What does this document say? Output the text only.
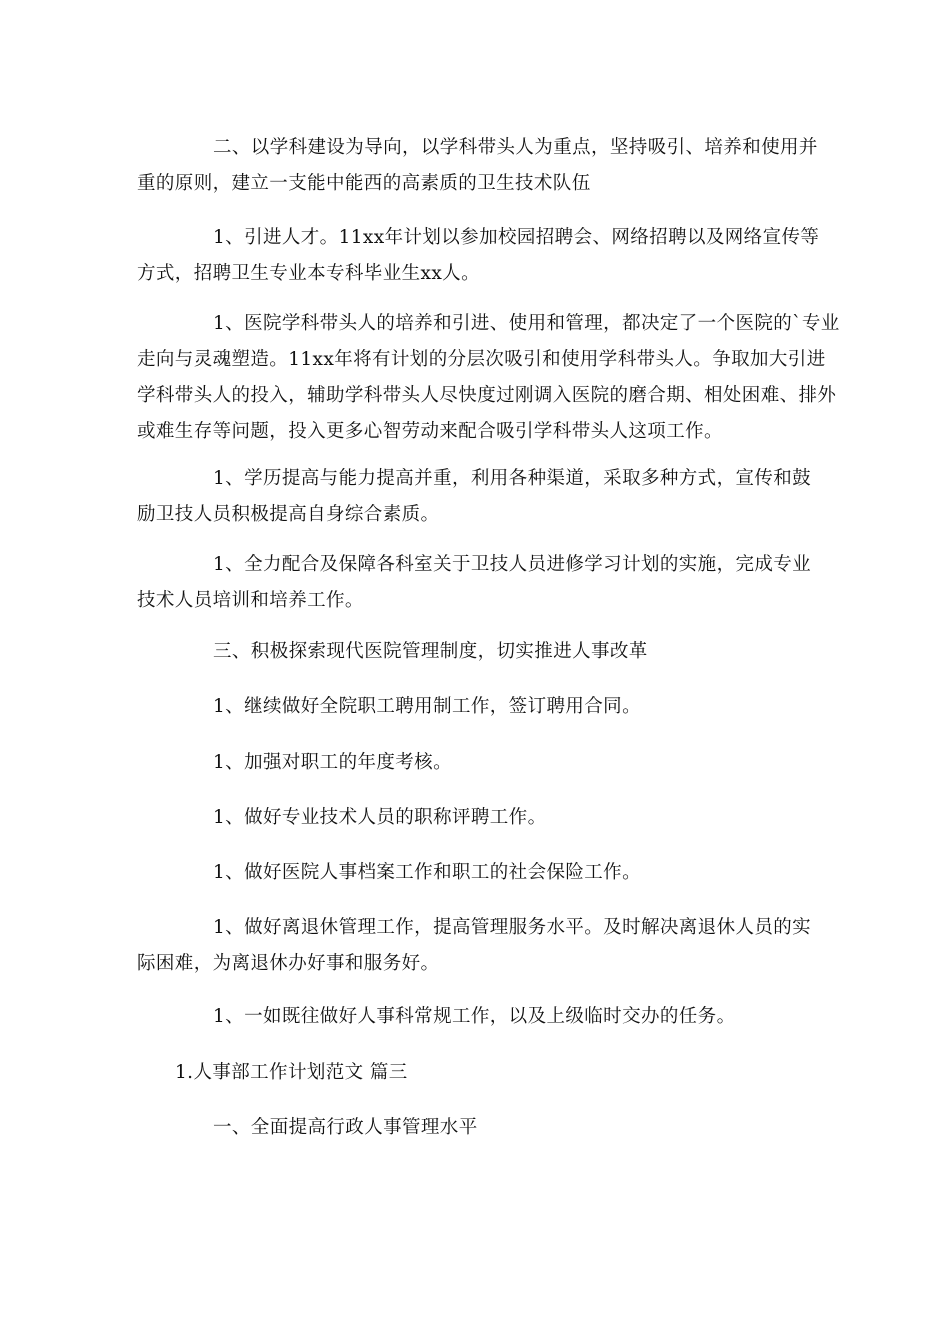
二、以学科建设为导向，以学科带头人为重点，坚持吸引、培养和使用并重的原则，建立一支能中能西的高素质的卫生技术队伍

1、引进人才。11xx年计划以参加校园招聘会、网络招聘以及网络宣传等方式，招聘卫生专业本专科毕业生xx人。

1、医院学科带头人的培养和引进、使用和管理，都决定了一个医院的`专业走向与灵魂塑造。11xx年将有计划的分层次吸引和使用学科带头人。争取加大引进学科带头人的投入，辅助学科带头人尽快度过刚调入医院的磨合期、相处困难、排外或难生存等问题，投入更多心智劳动来配合吸引学科带头人这项工作。

1、学历提高与能力提高并重，利用各种渠道，采取多种方式，宣传和鼓励卫技人员积极提高自身综合素质。

1、全力配合及保障各科室关于卫技人员进修学习计划的实施，完成专业技术人员培训和培养工作。

三、积极探索现代医院管理制度，切实推进人事改革

1、继续做好全院职工聘用制工作，签订聘用合同。

1、加强对职工的年度考核。

1、做好专业技术人员的职称评聘工作。

1、做好医院人事档案工作和职工的社会保险工作。

1、做好离退休管理工作，提高管理服务水平。及时解决离退休人员的实际困难，为离退休办好事和服务好。

1、一如既往做好人事科常规工作，以及上级临时交办的任务。

1.人事部工作计划范文 篇三

一、全面提高行政人事管理水平
